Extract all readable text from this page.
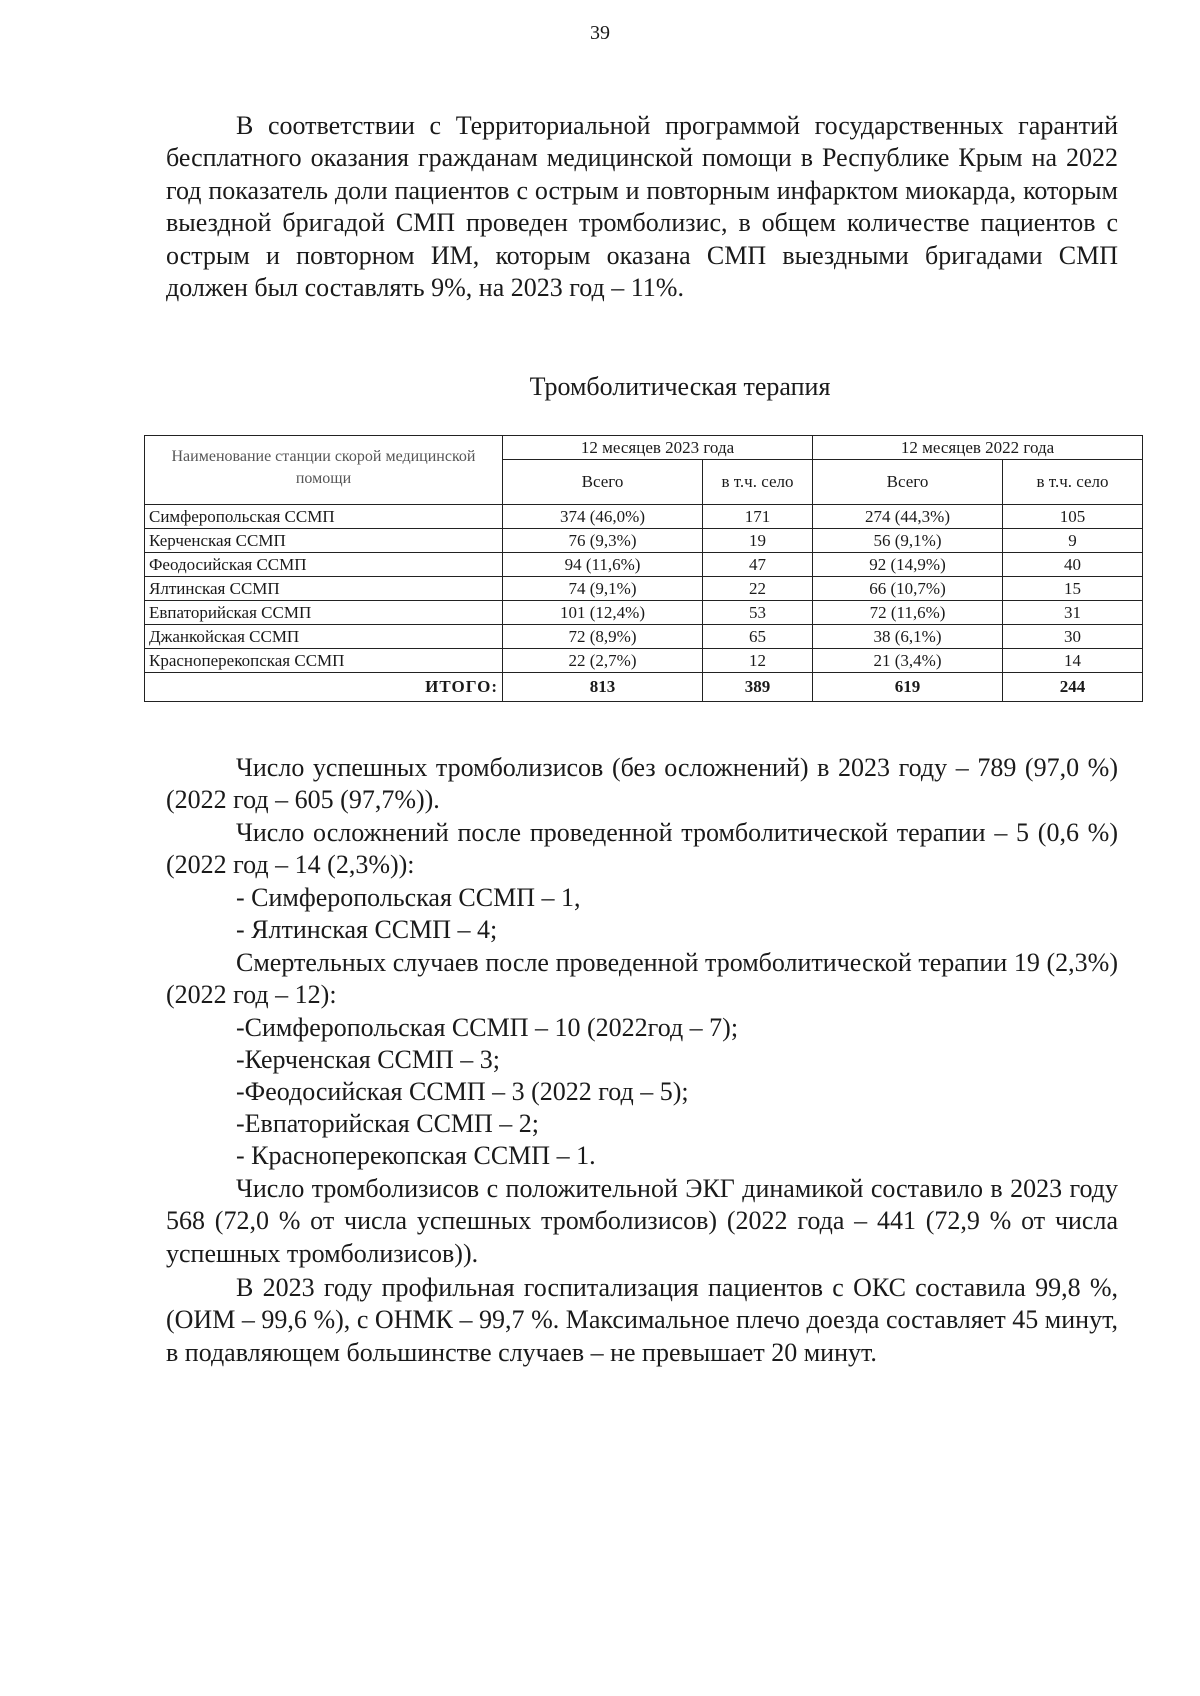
39

В соответствии с Территориальной программой государственных гарантий бесплатного оказания гражданам медицинской помощи в Республике Крым на 2022 год показатель доли пациентов с острым и повторным инфарктом миокарда, которым выездной бригадой СМП проведен тромболизис, в общем количестве пациентов с острым и повторном ИМ, которым оказана СМП выездными бригадами СМП должен был составлять 9%, на 2023 год – 11%.

Тромболитическая терапия
Наименование станции скорой медицинской помощи	12 месяцев 2023 года		12 месяцев 2022 года	
	Всего	в т.ч. село	Всего	в т.ч. село
Симферопольская ССМП	374 (46,0%)	171	274 (44,3%)	105
Керченская ССМП	76 (9,3%)	19	56 (9,1%)	9
Феодосийская ССМП	94 (11,6%)	47	92 (14,9%)	40
Ялтинская ССМП	74 (9,1%)	22	66 (10,7%)	15
Евпаторийская ССМП	101 (12,4%)	53	72 (11,6%)	31
Джанкойская ССМП	72 (8,9%)	65	38 (6,1%)	30
Красноперекопская ССМП	22 (2,7%)	12	21 (3,4%)	14
ИТОГО:	813	389	619	244

Число успешных тромболизисов (без осложнений) в 2023 году – 789 (97,0 %) (2022 год – 605 (97,7%)).

Число осложнений после проведенной тромболитической терапии – 5 (0,6 %) (2022 год – 14 (2,3%)):

- Симферопольская ССМП – 1,
- Ялтинская ССМП – 4;

Смертельных случаев после проведенной тромболитической терапии 19 (2,3%) (2022 год – 12):

-Симферопольская ССМП – 10 (2022год – 7);
-Керченская ССМП – 3;
-Феодосийская ССМП – 3 (2022 год – 5);
-Евпаторийская ССМП – 2;
- Красноперекопская ССМП – 1.

Число тромболизисов с положительной ЭКГ динамикой составило в 2023 году 568 (72,0 % от числа успешных тромболизисов) (2022 года – 441 (72,9 % от числа успешных тромболизисов)).

В 2023 году профильная госпитализация пациентов с ОКС составила 99,8 %, (ОИМ – 99,6 %), с ОНМК – 99,7 %. Максимальное плечо доезда составляет 45 минут, в подавляющем большинстве случаев – не превышает 20 минут.
